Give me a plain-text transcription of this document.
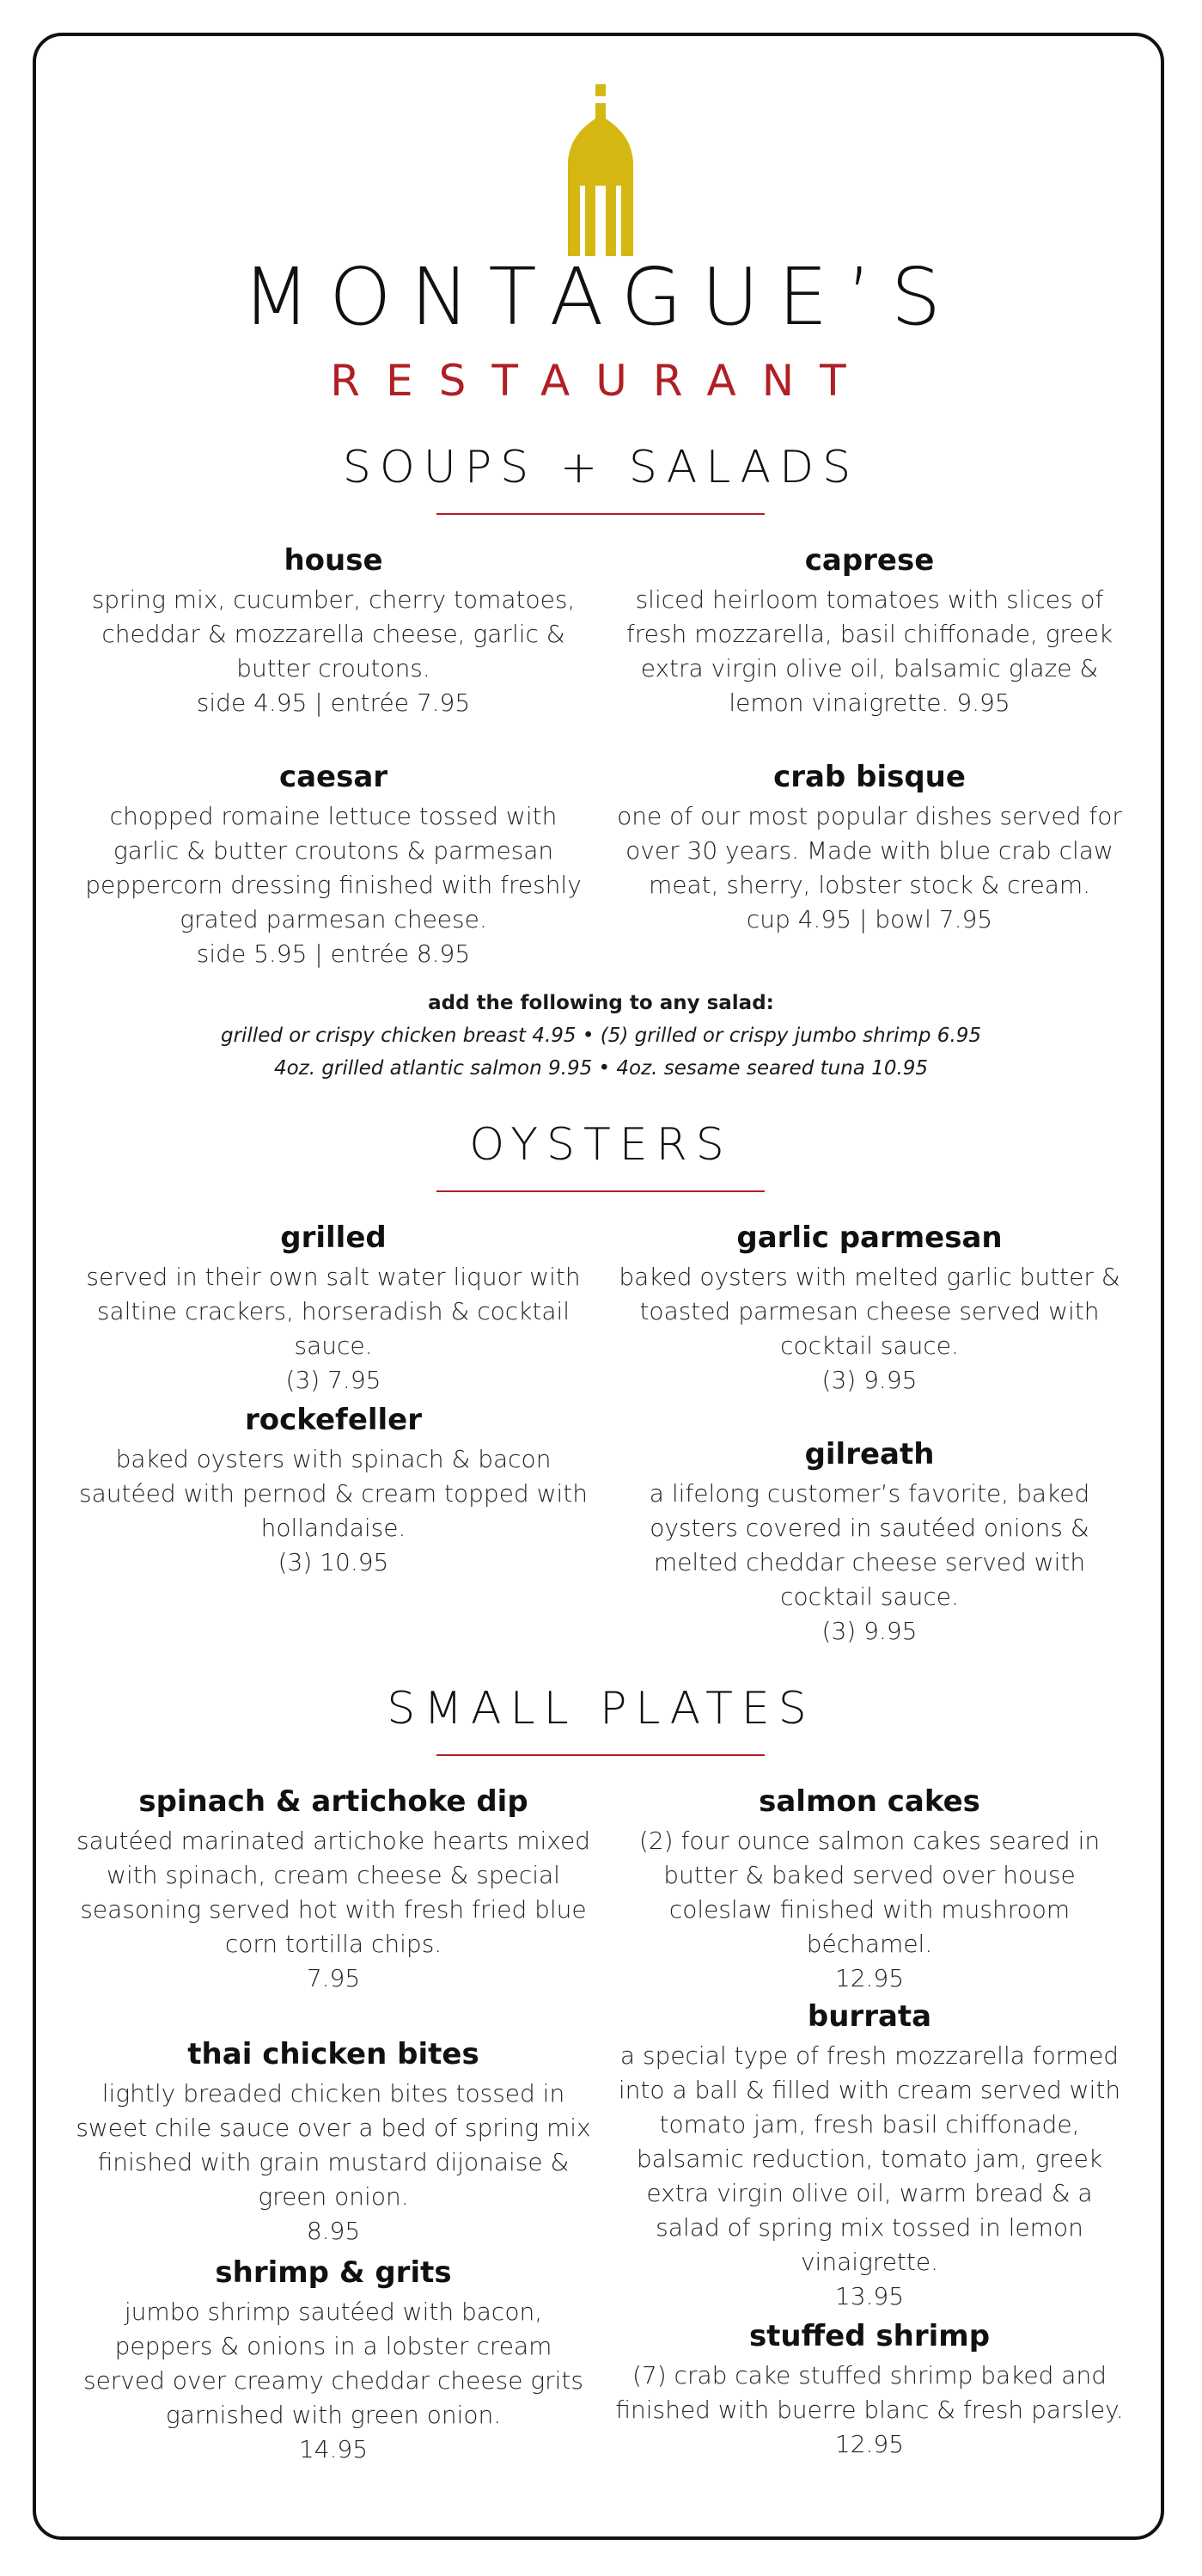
MONTAGUE’S
RESTAURANT
SOUPS + SALADS
house

spring mix, cucumber, cherry tomatoes, cheddar & mozzarella cheese, garlic & butter croutons.

side 4.95 | entrée 7.95

caprese

sliced heirloom tomatoes with slices of fresh mozzarella, basil chiffonade, greek extra virgin olive oil, balsamic glaze & lemon vinaigrette. 9.95

caesar

chopped romaine lettuce tossed with garlic & butter croutons & parmesan peppercorn dressing finished with freshly grated parmesan cheese.

side 5.95 | entrée 8.95

crab bisque

one of our most popular dishes served for over 30 years. Made with blue crab claw meat, sherry, lobster stock & cream.

cup 4.95 | bowl 7.95

add the following to any salad:
grilled or crispy chicken breast 4.95 • (5) grilled or crispy jumbo shrimp 6.95
4oz. grilled atlantic salmon 9.95 • 4oz. sesame seared tuna 10.95
OYSTERS
grilled

served in their own salt water liquor with saltine crackers, horseradish & cocktail sauce.

(3) 7.95

garlic parmesan

baked oysters with melted garlic butter & toasted parmesan cheese served with cocktail sauce.

(3) 9.95

rockefeller

baked oysters with spinach & bacon sautéed with pernod & cream topped with hollandaise.

(3) 10.95

gilreath

a lifelong customer’s favorite, baked oysters covered in sautéed onions & melted cheddar cheese served with cocktail sauce.

(3) 9.95

SMALL PLATES
spinach & artichoke dip

sautéed marinated artichoke hearts mixed with spinach, cream cheese & special seasoning served hot with fresh fried blue corn tortilla chips.

7.95

salmon cakes

(2) four ounce salmon cakes seared in butter & baked served over house coleslaw finished with mushroom béchamel.

12.95

thai chicken bites

lightly breaded chicken bites tossed in sweet chile sauce over a bed of spring mix finished with grain mustard dijonaise & green onion.

8.95

burrata

a special type of fresh mozzarella formed into a ball & filled with cream served with tomato jam, fresh basil chiffonade, balsamic reduction, tomato jam, greek extra virgin olive oil, warm bread & a salad of spring mix tossed in lemon vinaigrette.

13.95

shrimp & grits

jumbo shrimp sautéed with bacon, peppers & onions in a lobster cream served over creamy cheddar cheese grits garnished with green onion.

14.95

stuffed shrimp

(7) crab cake stuffed shrimp baked and finished with buerre blanc & fresh parsley.

12.95
